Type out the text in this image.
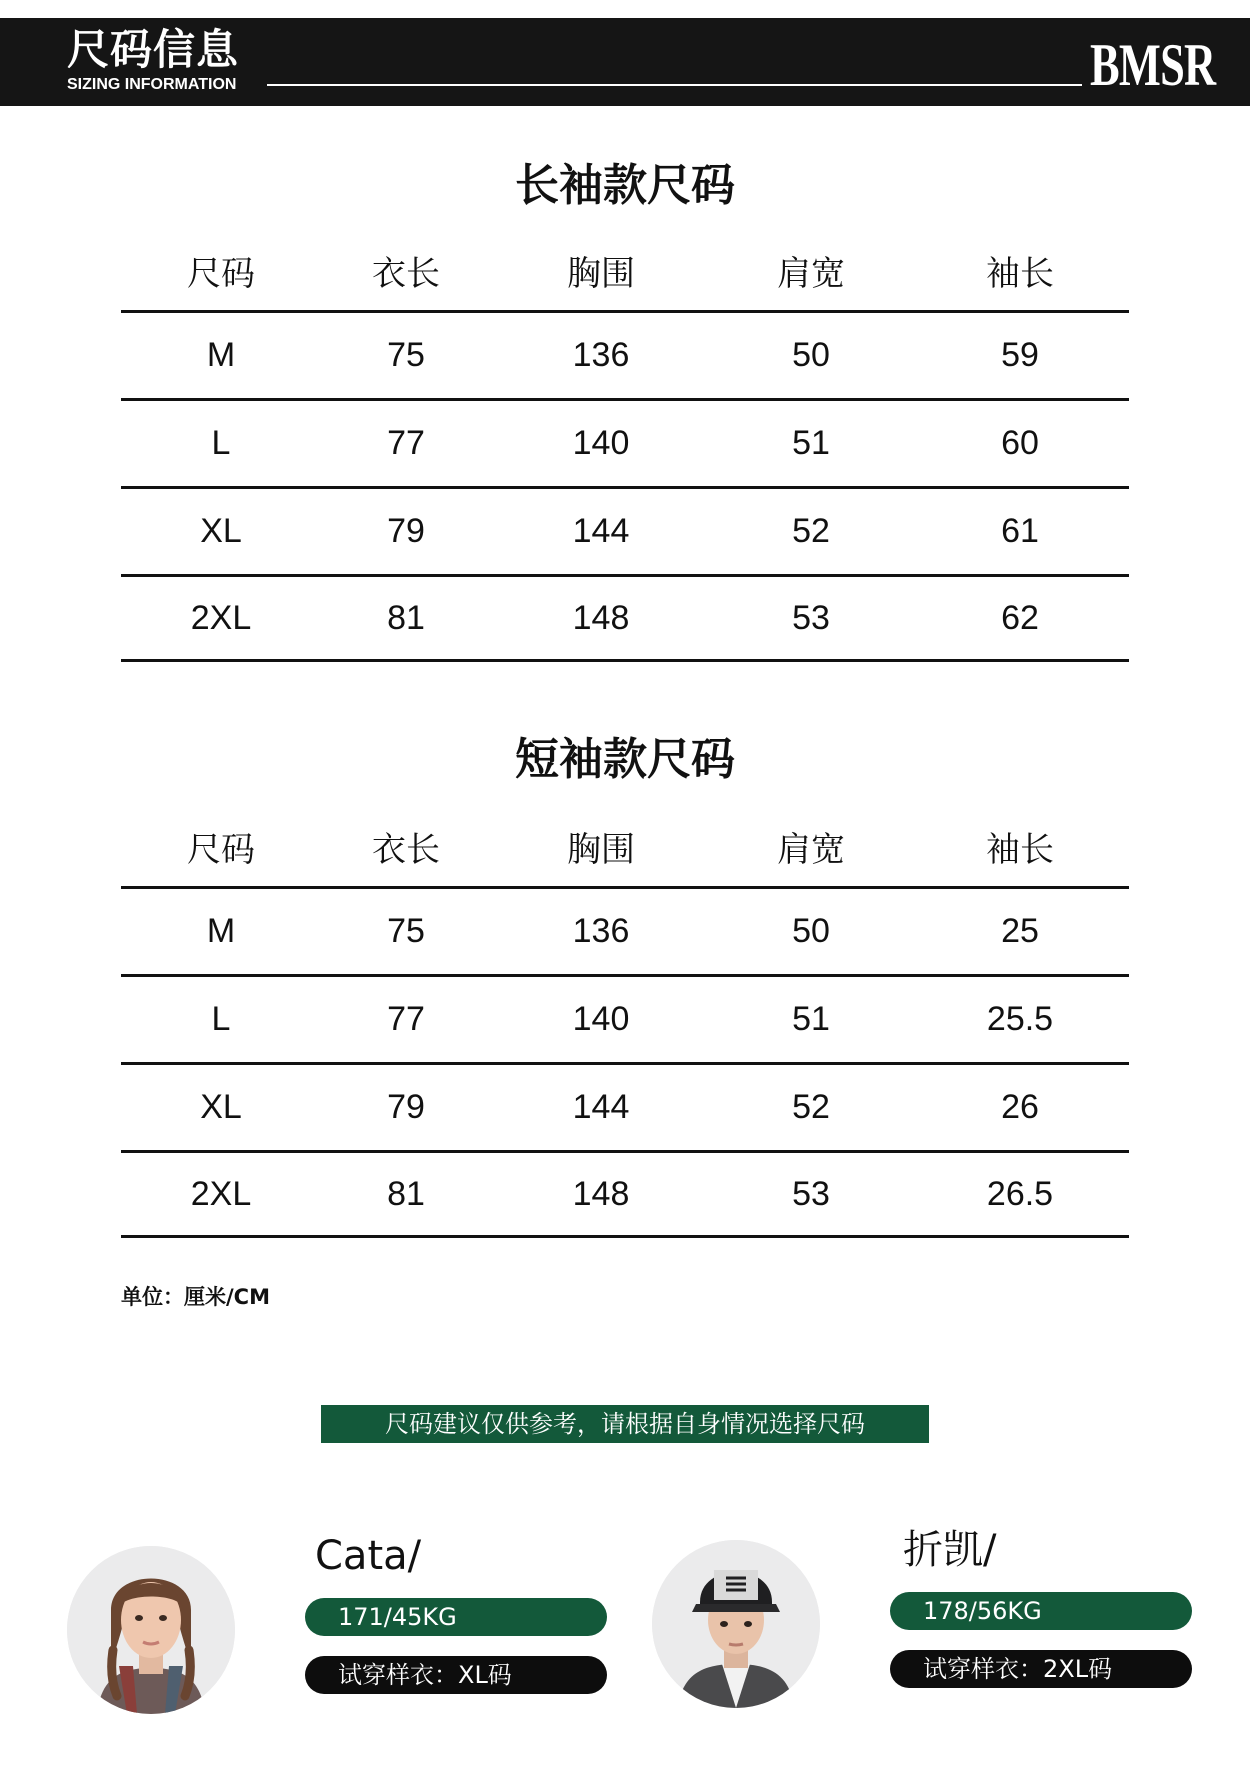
尺码信息
SIZING INFORMATION	BMSR
长袖款尺码
尺码	衣长	胸围	肩宽	袖长
M	75	136	50	59
L	77	140	51	60
XL	79	144	52	61
2XL	81	148	53	62
短袖款尺码
尺码	衣长	胸围	肩宽	袖长
M	75	136	50	25
L	77	140	51	25.5
XL	79	144	52	26
2XL	81	148	53	26.5
单位：厘米/CM
尺码建议仅供参考，请根据自身情况选择尺码
Cata/
171/45KG
试穿样衣：XL码
折凯/
178/56KG
试穿样衣：2XL码
